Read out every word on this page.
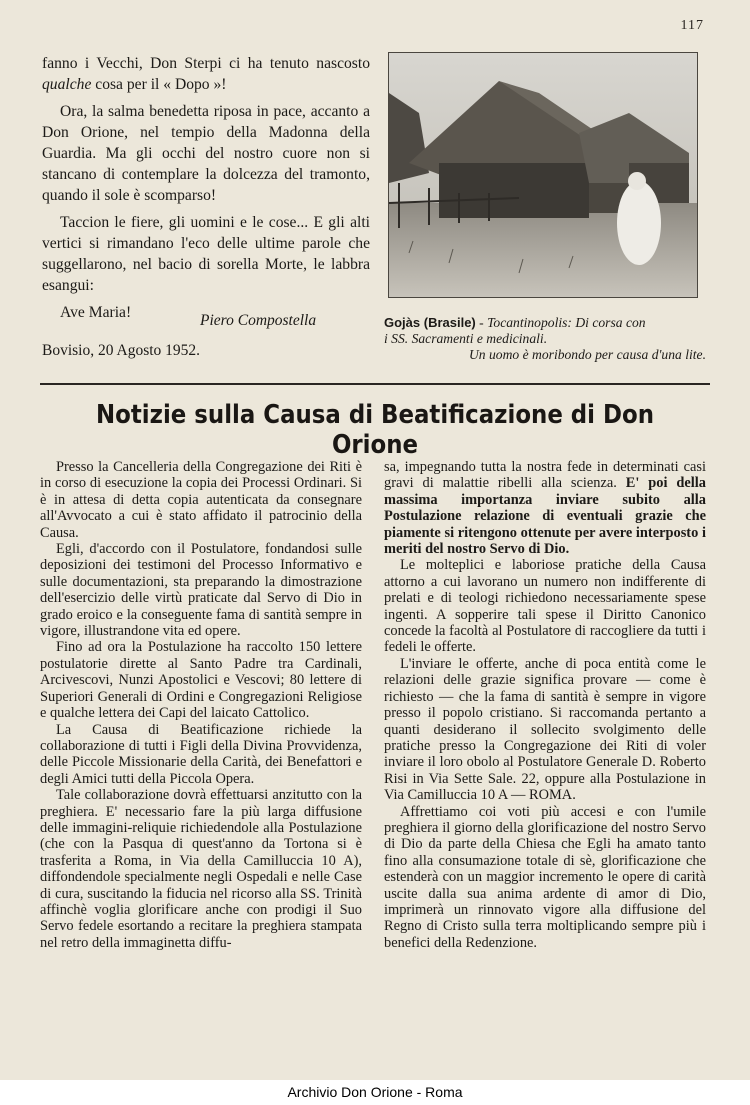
117

fanno i Vecchi, Don Sterpi ci ha tenuto nascosto qualche cosa per il « Dopo »!

Ora, la salma benedetta riposa in pace, accanto a Don Orione, nel tempio della Madonna della Guardia. Ma gli occhi del nostro cuore non si stancano di contemplare la dolcezza del tramonto, quando il sole è scomparso!

Taccion le fiere, gli uomini e le cose... E gli alti vertici si rimandano l'eco delle ultime parole che suggellarono, nel bacio di sorella Morte, le labbra esangui:

Ave Maria!	Piero Compostella
Bovisio, 20 Agosto 1952.
Gojàs (Brasile) - Tocantinopolis: Di corsa con
i SS. Sacramenti e medicinali.
Un uomo è moribondo per causa d'una lite.
Notizie sulla Causa di Beatificazione di Don Orione

Presso la Cancelleria della Congregazione dei Riti è in corso di esecuzione la copia dei Processi Ordinari. Si è in attesa di detta copia autenticata da consegnare all'Avvocato a cui è stato affidato il patrocinio della Causa.

Egli, d'accordo con il Postulatore, fondandosi sulle deposizioni dei testimoni del Processo Informativo e sulle documentazioni, sta preparando la dimostrazione dell'esercizio delle virtù praticate dal Servo di Dio in grado eroico e la conseguente fama di santità sempre in vigore, illustrandone vita ed opere.

Fino ad ora la Postulazione ha raccolto 150 lettere postulatorie dirette al Santo Padre tra Cardinali, Arcivescovi, Nunzi Apostolici e Vescovi; 80 lettere di Superiori Generali di Ordini e Congregazioni Religiose e qualche lettera dei Capi del laicato Cattolico.

La Causa di Beatificazione richiede la collaborazione di tutti i Figli della Divina Provvidenza, delle Piccole Missionarie della Carità, dei Benefattori e degli Amici tutti della Piccola Opera.

Tale collaborazione dovrà effettuarsi anzitutto con la preghiera. E' necessario fare la più larga diffusione delle immagini-reliquie richiedendole alla Postulazione (che con la Pasqua di quest'anno da Tortona si è trasferita a Roma, in Via della Camilluccia 10 A), diffondendole specialmente negli Ospedali e nelle Case di cura, suscitando la fiducia nel ricorso alla SS. Trinità affinchè voglia glorificare anche con prodigi il Suo Servo fedele esortando a recitare la preghiera stampata nel retro della immaginetta diffu-

sa, impegnando tutta la nostra fede in determinati casi gravi di malattie ribelli alla scienza. E' poi della massima importanza inviare subito alla Postulazione relazione di eventuali grazie che piamente si ritengono ottenute per avere interposto i meriti del nostro Servo di Dio.

Le molteplici e laboriose pratiche della Causa attorno a cui lavorano un numero non indifferente di prelati e di teologi richiedono necessariamente spese ingenti. A sopperire tali spese il Diritto Canonico concede la facoltà al Postulatore di raccogliere da tutti i fedeli le offerte.

L'inviare le offerte, anche di poca entità come le relazioni delle grazie significa provare — come è richiesto — che la fama di santità è sempre in vigore presso il popolo cristiano. Si raccomanda pertanto a quanti desiderano il sollecito svolgimento delle pratiche presso la Congregazione dei Riti di voler inviare il loro obolo al Postulatore Generale D. Roberto Risi in Via Sette Sale. 22, oppure alla Postulazione in Via Camilluccia 10 A — ROMA.

Affrettiamo coi voti più accesi e con l'umile preghiera il giorno della glorificazione del nostro Servo di Dio da parte della Chiesa che Egli ha amato tanto fino alla consumazione totale di sè, glorificazione che estenderà con un maggior incremento le opere di carità uscite dalla sua anima ardente di amor di Dio, imprimerà un rinnovato vigore alla diffusione del Regno di Cristo sulla terra moltiplicando sempre più i benefici della Redenzione.

Archivio Don Orione - Roma
